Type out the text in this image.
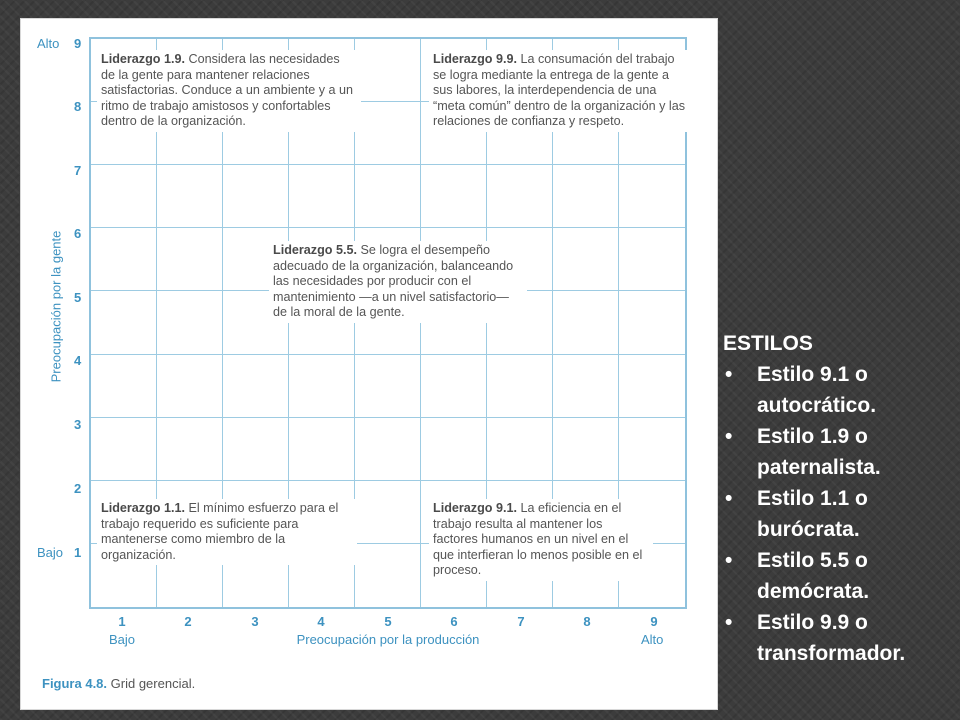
Alto
Bajo
9
8
7
6
5
4
3
2
1
Preocupación por la gente
1	2	3	4	5	6	7	8	9
Bajo	Alto
Preocupación por la producción
Liderazgo 1.9. Considera las necesidades de la gente para mantener relaciones satisfactorias. Conduce a un ambiente y a un ritmo de trabajo amistosos y confortables dentro de la organización.
Liderazgo 9.9. La consumación del trabajo se logra mediante la entrega de la gente a sus labores, la interdependencia de una “meta común” dentro de la organización y las relaciones de confianza y respeto.
Liderazgo 5.5. Se logra el desempeño adecuado de la organización, balanceando las necesidades por producir con el mantenimiento —a un nivel satisfactorio— de la moral de la gente.
Liderazgo 1.1. El mínimo esfuerzo para el trabajo requerido es suficiente para mantenerse como miembro de la organización.
Liderazgo 9.1. La eficiencia en el trabajo resulta al mantener los factores humanos en un nivel en el que interfieran lo menos posible en el proceso.
Figura 4.8. Grid gerencial.

ESTILOS

• Estilo 9.1 o autocrático.
• Estilo 1.9 o paternalista.
• Estilo 1.1 o burócrata.
• Estilo 5.5 o demócrata.
• Estilo 9.9 o transformador.
